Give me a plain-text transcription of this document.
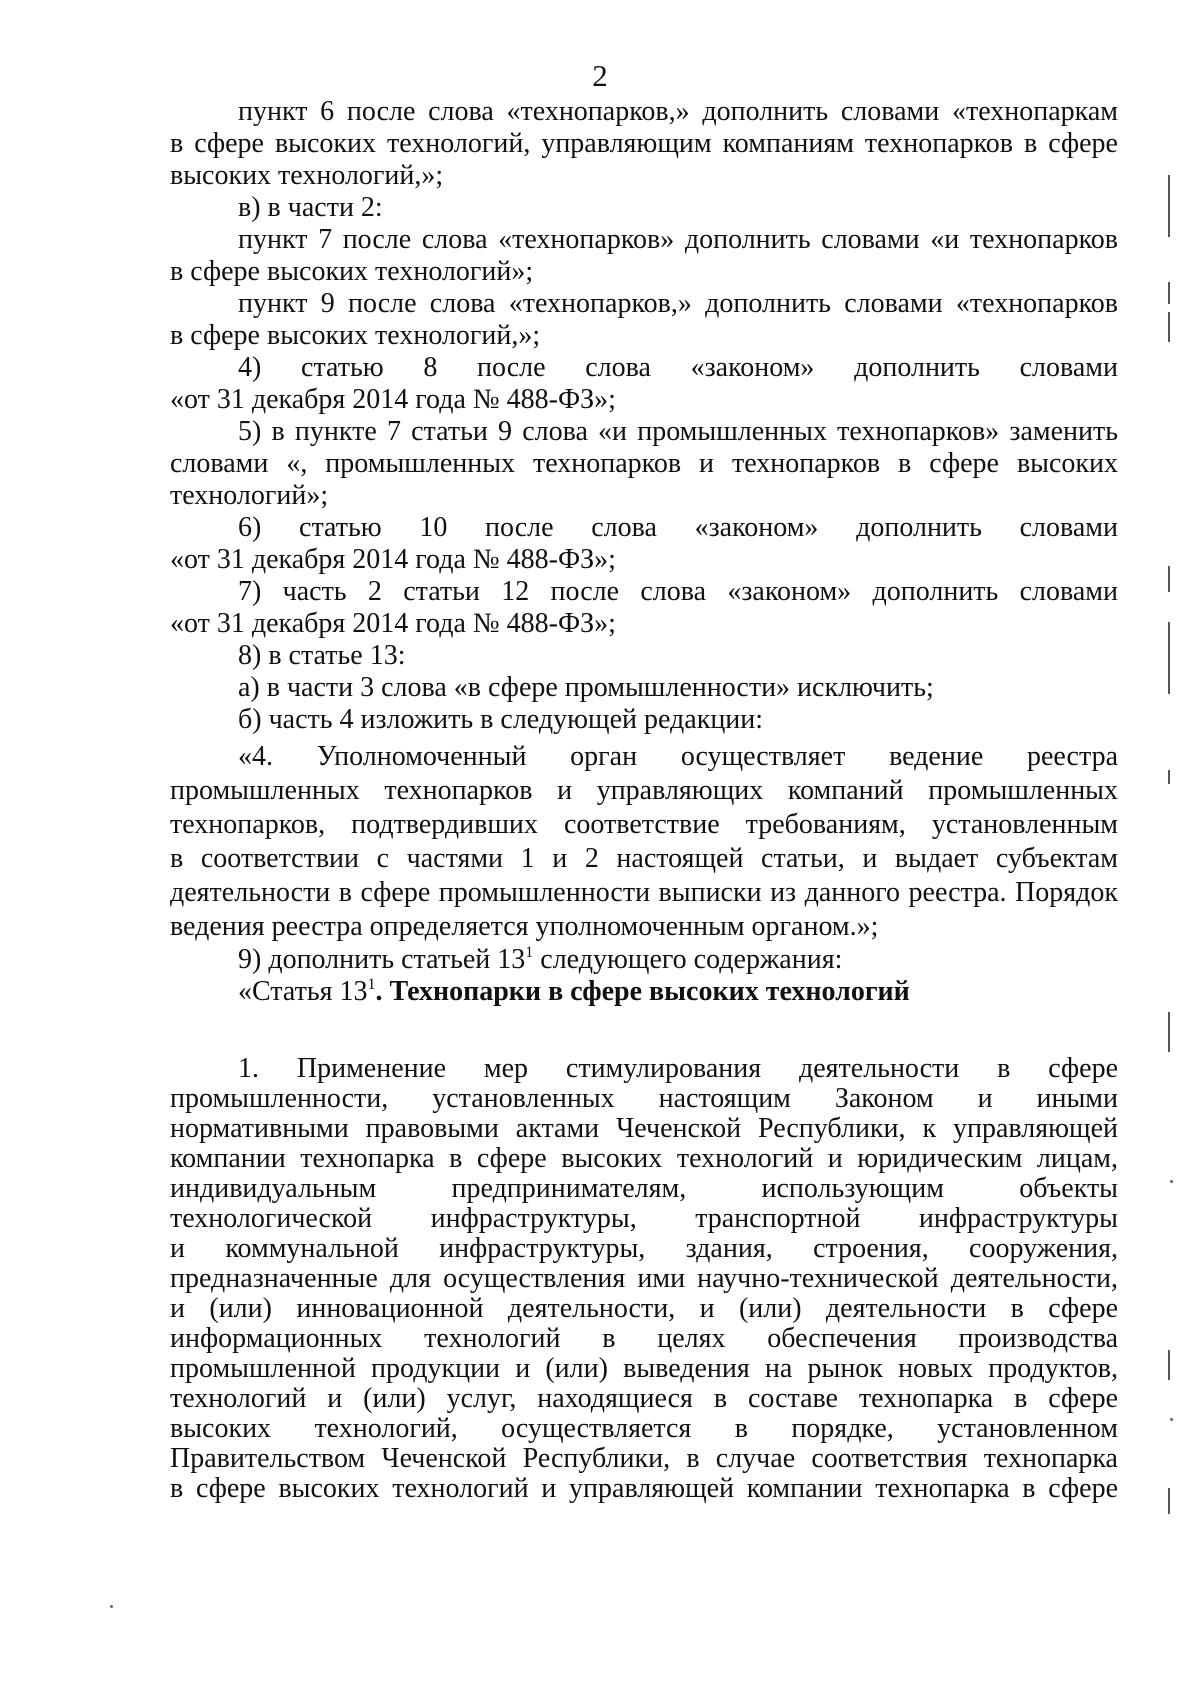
2

пункт 6 после слова «технопарков,» дополнить словами «технопаркам

в сфере высоких технологий, управляющим компаниям технопарков в сфере

высоких технологий,»;

в) в части 2:

пункт 7 после слова «технопарков» дополнить словами «и технопарков

в сфере высоких технологий»;

пункт 9 после слова «технопарков,» дополнить словами «технопарков

в сфере высоких технологий,»;

4) статью 8 после слова «законом» дополнить словами

«от 31 декабря 2014 года № 488-ФЗ»;

5) в пункте 7 статьи 9 слова «и промышленных технопарков» заменить

словами «, промышленных технопарков и технопарков в сфере высоких

технологий»;

6) статью 10 после слова «законом» дополнить словами

«от 31 декабря 2014 года № 488-ФЗ»;

7) часть 2 статьи 12 после слова «законом» дополнить словами

«от 31 декабря 2014 года № 488-ФЗ»;

8) в статье 13:

а) в части 3 слова «в сфере промышленности» исключить;

б) часть 4 изложить в следующей редакции:

«4. Уполномоченный орган осуществляет ведение реестра

промышленных технопарков и управляющих компаний промышленных

технопарков, подтвердивших соответствие требованиям, установленным

в соответствии с частями 1 и 2 настоящей статьи, и выдает субъектам

деятельности в сфере промышленности выписки из данного реестра. Порядок

ведения реестра определяется уполномоченным органом.»;

9) дополнить статьей $13^1$ следующего содержания:

«Статья $13^1$. Технопарки в сфере высоких технологий

1. Применение мер стимулирования деятельности в сфере

промышленности, установленных настоящим Законом и иными

нормативными правовыми актами Чеченской Республики, к управляющей

компании технопарка в сфере высоких технологий и юридическим лицам,

индивидуальным предпринимателям, использующим объекты

технологической инфраструктуры, транспортной инфраструктуры

и коммунальной инфраструктуры, здания, строения, сооружения,

предназначенные для осуществления ими научно-технической деятельности,

и (или) инновационной деятельности, и (или) деятельности в сфере

информационных технологий в целях обеспечения производства

промышленной продукции и (или) выведения на рынок новых продуктов,

технологий и (или) услуг, находящиеся в составе технопарка в сфере

высоких технологий, осуществляется в порядке, установленном

Правительством Чеченской Республики, в случае соответствия технопарка

в сфере высоких технологий и управляющей компании технопарка в сфере
